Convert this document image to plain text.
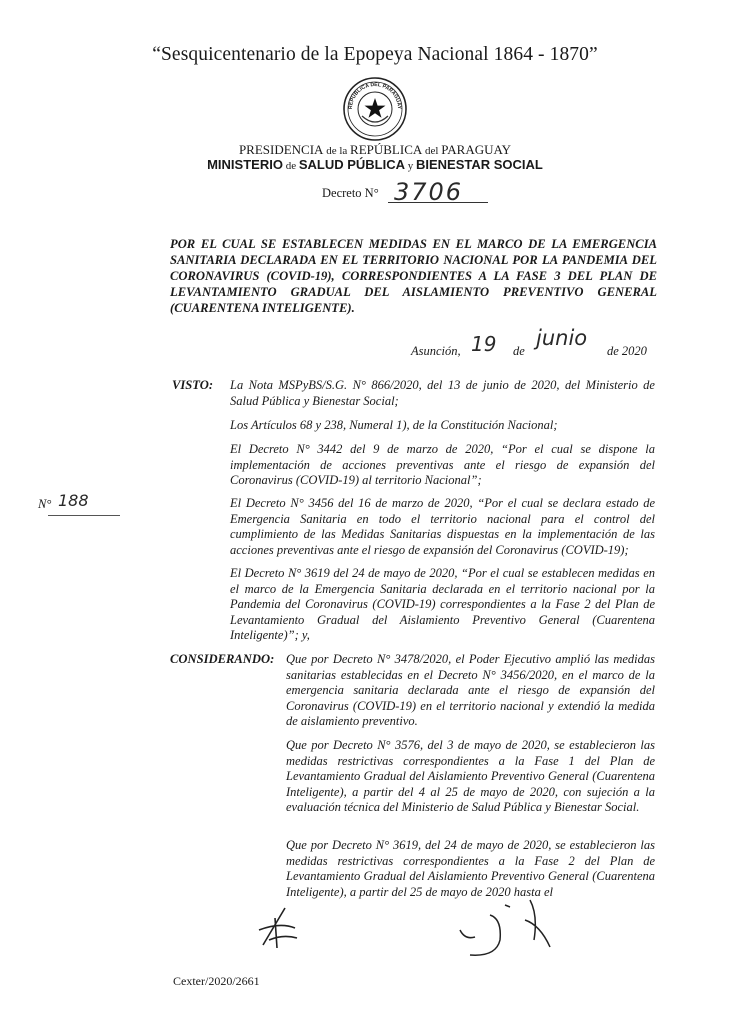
“Sesquicentenario de la Epopeya Nacional 1864 - 1870”
REPÚBLICA DEL PARAGUAY
PRESIDENCIA de la REPÚBLICA del PARAGUAY
MINISTERIO de SALUD PÚBLICA y BIENESTAR SOCIAL
Decreto N° 3706
POR EL CUAL SE ESTABLECEN MEDIDAS EN EL MARCO DE LA EMERGENCIA SANITARIA DECLARADA EN EL TERRITORIO NACIONAL POR LA PANDEMIA DEL CORONAVIRUS (COVID-19), CORRESPONDIENTES A LA FASE 3 DEL PLAN DE LEVANTAMIENTO GRADUAL DEL AISLAMIENTO PREVENTIVO GENERAL (CUARENTENA INTELIGENTE).
Asunción, 19 de
junio
de 2020
N° 188
VISTO: La Nota MSPyBS/S.G. N° 866/2020, del 13 de junio de 2020, del Ministerio de Salud Pública y Bienestar Social;

Los Artículos 68 y 238, Numeral 1), de la Constitución Nacional;

El Decreto N° 3442 del 9 de marzo de 2020, “Por el cual se dispone la implementación de acciones preventivas ante el riesgo de expansión del Coronavirus (COVID-19) al territorio Nacional”;

El Decreto N° 3456 del 16 de marzo de 2020, “Por el cual se declara estado de Emergencia Sanitaria en todo el territorio nacional para el control del cumplimiento de las Medidas Sanitarias dispuestas en la implementación de las acciones preventivas ante el riesgo de expansión del Coronavirus (COVID-19);

El Decreto N° 3619 del 24 de mayo de 2020, “Por el cual se establecen medidas en el marco de la Emergencia Sanitaria declarada en el territorio nacional por la Pandemia del Coronavirus (COVID-19) correspondientes a la Fase 2 del Plan de Levantamiento Gradual del Aislamiento Preventivo General (Cuarentena Inteligente)”; y,

CONSIDERANDO: Que por Decreto N° 3478/2020, el Poder Ejecutivo amplió las medidas sanitarias establecidas en el Decreto N° 3456/2020, en el marco de la emergencia sanitaria declarada ante el riesgo de expansión del Coronavirus (COVID-19) en el territorio nacional y extendió la medida de aislamiento preventivo.

Que por Decreto N° 3576, del 3 de mayo de 2020, se establecieron las medidas restrictivas correspondientes a la Fase 1 del Plan de Levantamiento Gradual del Aislamiento Preventivo General (Cuarentena Inteligente), a partir del 4 al 25 de mayo de 2020, con sujeción a la evaluación técnica del Ministerio de Salud Pública y Bienestar Social.

Que por Decreto N° 3619, del 24 de mayo de 2020, se establecieron las medidas restrictivas correspondientes a la Fase 2 del Plan de Levantamiento Gradual del Aislamiento Preventivo General (Cuarentena Inteligente), a partir del 25 de mayo de 2020 hasta el

Cexter/2020/2661
